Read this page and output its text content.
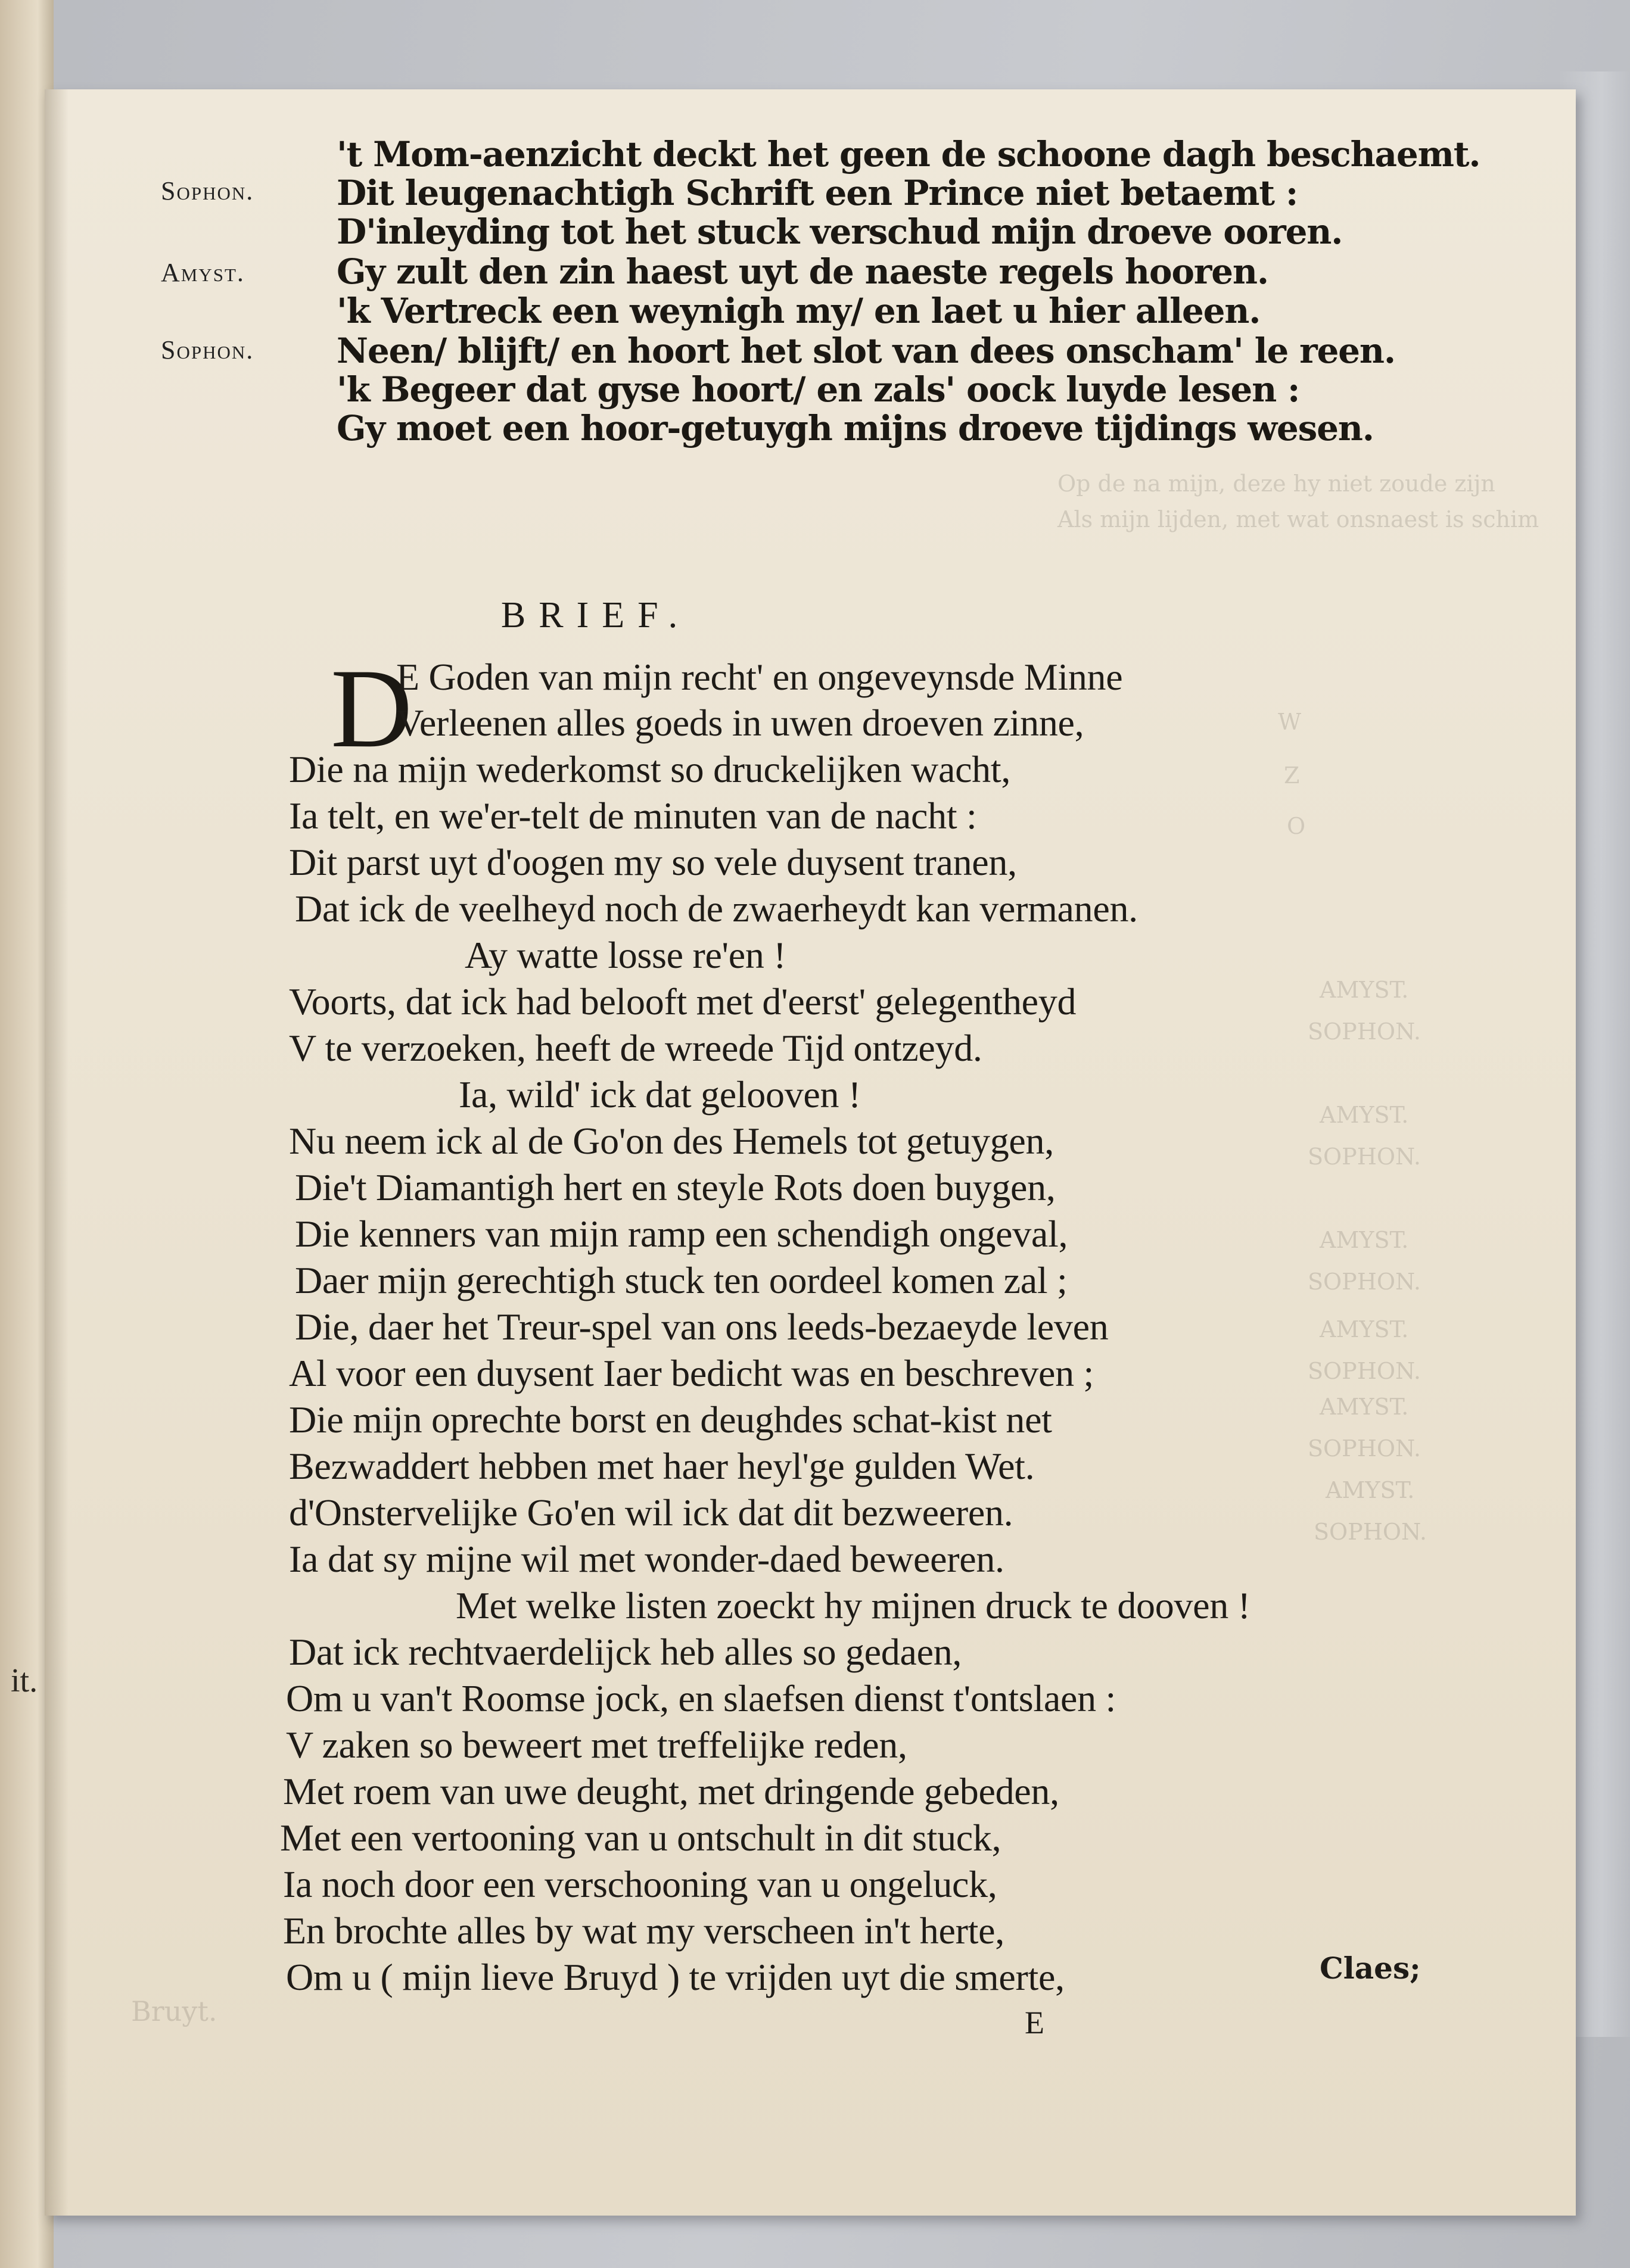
it.
Op de na mijn, deze hy niet zoude zijn
Als mijn lijden, met wat onsnaest is schim
W
Z
O
AMYST.
SOPHON.
AMYST.
SOPHON.
AMYST.
SOPHON.
AMYST.
SOPHON.
AMYST.
SOPHON.
AMYST.
SOPHON.
Bruyt.
't Mom-aenzicht deckt het geen de schoone dagh beschaemt.
Sophon. Dit leugenachtigh Schrift een Prince niet betaemt :
D'inleyding tot het stuck verschud mijn droeve ooren.
Amyst.	Gy zult den zin haest uyt de naeste regels hooren.
'k Vertreck een weynigh my/ en laet u hier alleen.
Sophon. Neen/ blijft/ en hoort het slot van dees onscham' le reen.
'k Begeer dat gyse hoort/ en zals' oock luyde lesen :
Gy moet een hoor-getuygh mijns droeve tijdings wesen.
BRIEF.
D
E Goden van mijn recht' en ongeveynsde Minne
Verleenen alles goeds in uwen droeven zinne,
Die na mijn wederkomst so druckelijken wacht,
Ia telt, en we'er-telt de minuten van de nacht :
Dit parst uyt d'oogen my so vele duysent tranen,
Dat ick de veelheyd noch de zwaerheydt kan vermanen.
Ay watte losse re'en !
Voorts, dat ick had belooft met d'eerst' gelegentheyd
V te verzoeken, heeft de wreede Tijd ontzeyd.
Ia, wild' ick dat gelooven !
Nu neem ick al de Go'on des Hemels tot getuygen,
Die't Diamantigh hert en steyle Rots doen buygen,
Die kenners van mijn ramp een schendigh ongeval,
Daer mijn gerechtigh stuck ten oordeel komen zal ;
Die, daer het Treur-spel van ons leeds-bezaeyde leven
Al voor een duysent Iaer bedicht was en beschreven ;
Die mijn oprechte borst en deughdes schat-kist net
Bezwaddert hebben met haer heyl'ge gulden Wet.
d'Onstervelijke Go'en wil ick dat dit bezweeren.
Ia dat sy mijne wil met wonder-daed beweeren.
Met welke listen zoeckt hy mijnen druck te dooven !
Dat ick rechtvaerdelijck heb alles so gedaen,
Om u van't Roomse jock, en slaefsen dienst t'ontslaen :
V zaken so beweert met treffelijke reden,
Met roem van uwe deught, met dringende gebeden,
Met een vertooning van u ontschult in dit stuck,
Ia noch door een verschooning van u ongeluck,
En brochte alles by wat my verscheen in't herte,
Om u ( mijn lieve Bruyd ) te vrijden uyt die smerte,
E
Claes;
